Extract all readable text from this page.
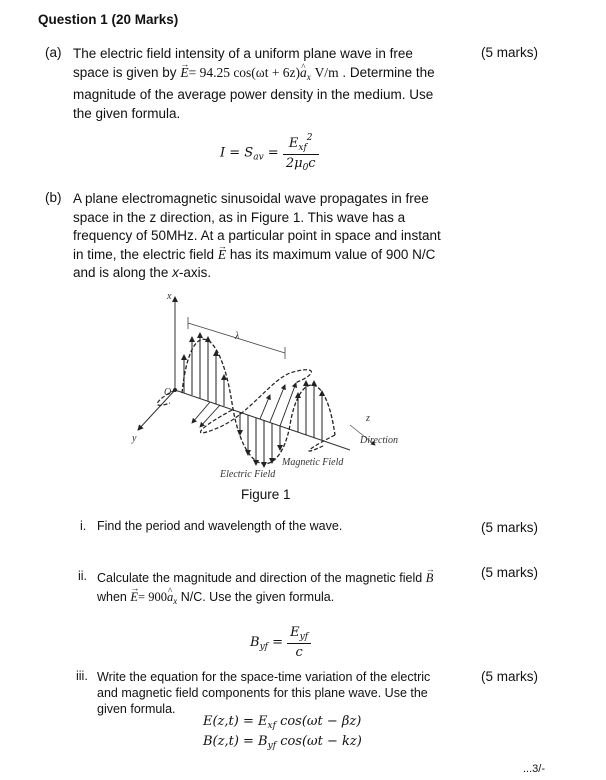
Question 1 (20 Marks)
(a)	(5 marks)
The electric field intensity of a uniform plane wave in free
space is given by → E= 94.25 cos(ωt + 6z)^ $a_x$ V/m . Determine the
magnitude of the average power density in the medium. Use
the given formula.
$I = S_{av} = \frac{E_{xf}^2}{2\mu_0c}$
(b) A plane electromagnetic sinusoidal wave propagates in free
space in the z direction, as in Figure 1. This wave has a
frequency of 50MHz. At a particular point in space and instant
in time, the electric field → E has its maximum value of 900 N/C
and is along the x-axis.
x
y
O
λ
z
Direction
Magnetic Field
Electric Field
Figure 1
i. Find the period and wavelength of the wave.	(5 marks)
ii. Calculate the magnitude and direction of the magnetic field → B
when → E= 900^ $a_x$ N/C. Use the given formula.
(5 marks)
$B_{yf} = \frac{E_{yf}}{c}$
iii. Write the equation for the space-time variation of the electric
and magnetic field components for this plane wave. Use the
given formula.
(5 marks)
$E(z,t) = E_{xf}$ cos(ωt − βz)
$B(z,t) = B_{yf}$ cos(ωt − kz)
...3/-
